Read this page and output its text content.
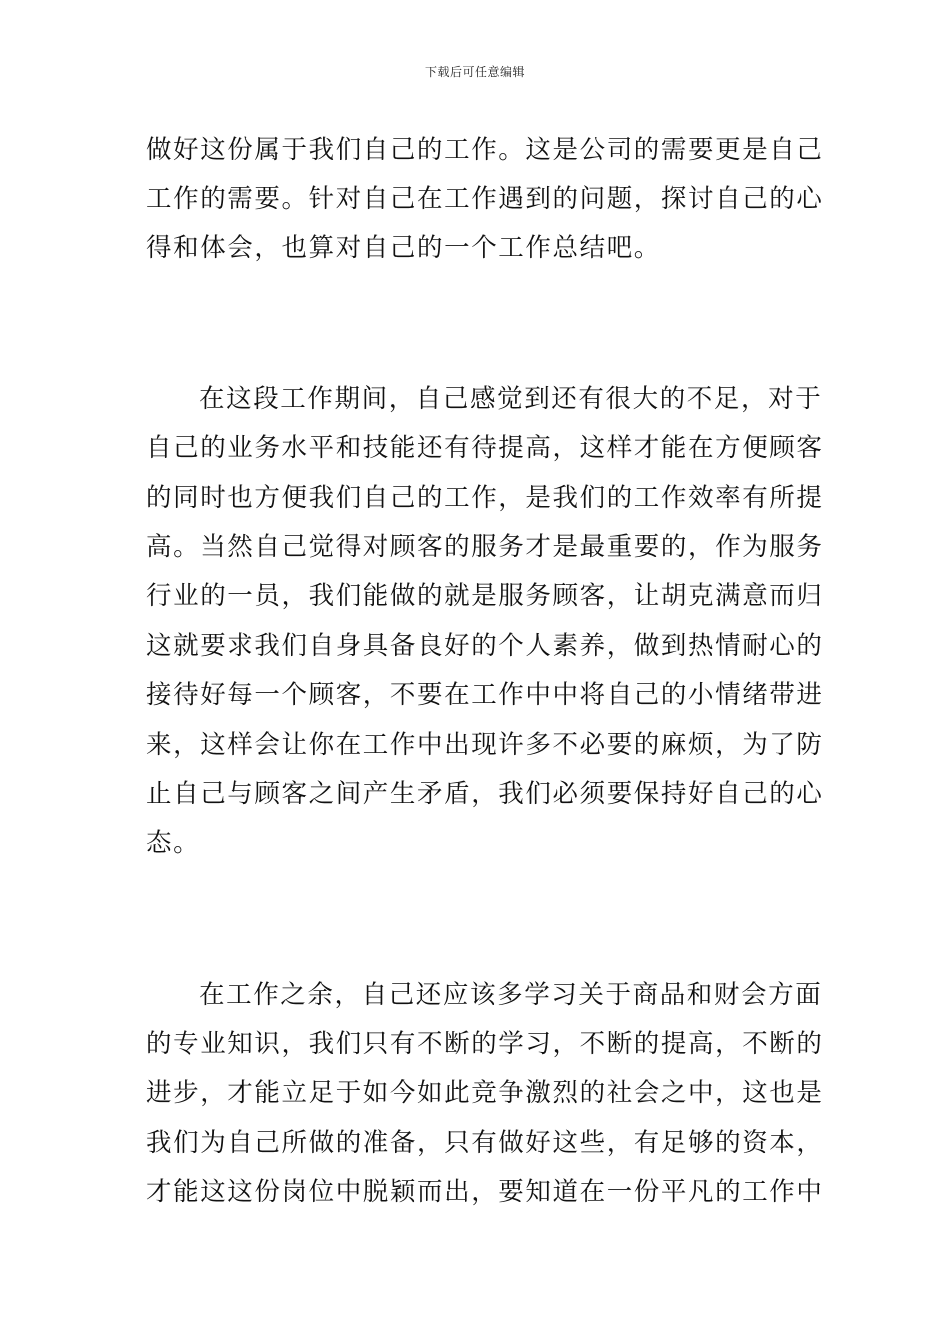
下载后可任意编辑
做好这份属于我们自己的工作。这是公司的需要更是自己
工作的需要。针对自己在工作遇到的问题，探讨自己的心
得和体会，也算对自己的一个工作总结吧。
在这段工作期间，自己感觉到还有很大的不足，对于
自己的业务水平和技能还有待提高，这样才能在方便顾客
的同时也方便我们自己的工作，是我们的工作效率有所提
高。当然自己觉得对顾客的服务才是最重要的，作为服务
行业的一员，我们能做的就是服务顾客，让胡克满意而归
这就要求我们自身具备良好的个人素养，做到热情耐心的
接待好每一个顾客，不要在工作中中将自己的小情绪带进
来，这样会让你在工作中出现许多不必要的麻烦，为了防
止自己与顾客之间产生矛盾，我们必须要保持好自己的心
态。
在工作之余，自己还应该多学习关于商品和财会方面
的专业知识，我们只有不断的学习，不断的提高，不断的
进步，才能立足于如今如此竞争激烈的社会之中，这也是
我们为自己所做的准备，只有做好这些，有足够的资本，
才能这这份岗位中脱颖而出，要知道在一份平凡的工作中
